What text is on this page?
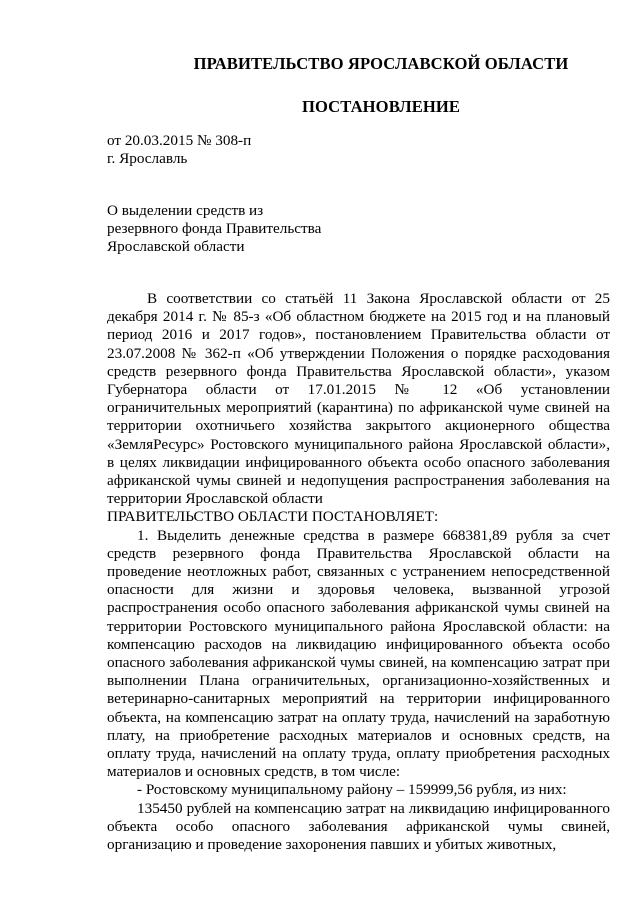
ПРАВИТЕЛЬСТВО ЯРОСЛАВСКОЙ ОБЛАСТИ
ПОСТАНОВЛЕНИЕ
от 20.03.2015 № 308-п
г. Ярославль
О выделении средств из
резервного фонда Правительства
Ярославской области

В соответствии со статьёй 11 Закона Ярославской области от 25 декабря 2014 г. № 85-з «Об областном бюджете на 2015 год и на плановый период 2016 и 2017 годов», постановлением Правительства области от 23.07.2008 № 362-п «Об утверждении Положения о порядке расходования средств резервного фонда Правительства Ярославской области», указом Губернатора области от 17.01.2015 № 12 «Об установлении ограничительных мероприятий (карантина) по африканской чуме свиней на территории охотничьего хозяйства закрытого акционерного общества «ЗемляРесурс» Ростовского муниципального района Ярославской области», в целях ликвидации инфицированного объекта особо опасного заболевания африканской чумы свиней и недопущения распространения заболевания на территории Ярославской области

ПРАВИТЕЛЬСТВО ОБЛАСТИ ПОСТАНОВЛЯЕТ:

1. Выделить денежные средства в размере 668381,89 рубля за счет средств резервного фонда Правительства Ярославской области на проведение неотложных работ, связанных с устранением непосредственной опасности для жизни и здоровья человека, вызванной угрозой распространения особо опасного заболевания африканской чумы свиней на территории Ростовского муниципального района Ярославской области: на компенсацию расходов на ликвидацию инфицированного объекта особо опасного заболевания африканской чумы свиней, на компенсацию затрат при выполнении Плана ограничительных, организационно-хозяйственных и ветеринарно-санитарных мероприятий на территории инфицированного объекта, на компенсацию затрат на оплату труда, начислений на заработную плату, на приобретение расходных материалов и основных средств, на оплату труда, начислений на оплату труда, оплату приобретения расходных материалов и основных средств, в том числе:

- Ростовскому муниципальному району – 159999,56 рубля, из них:

135450 рублей на компенсацию затрат на ликвидацию инфицированного объекта особо опасного заболевания африканской чумы свиней, организацию и проведение захоронения павших и убитых животных,
